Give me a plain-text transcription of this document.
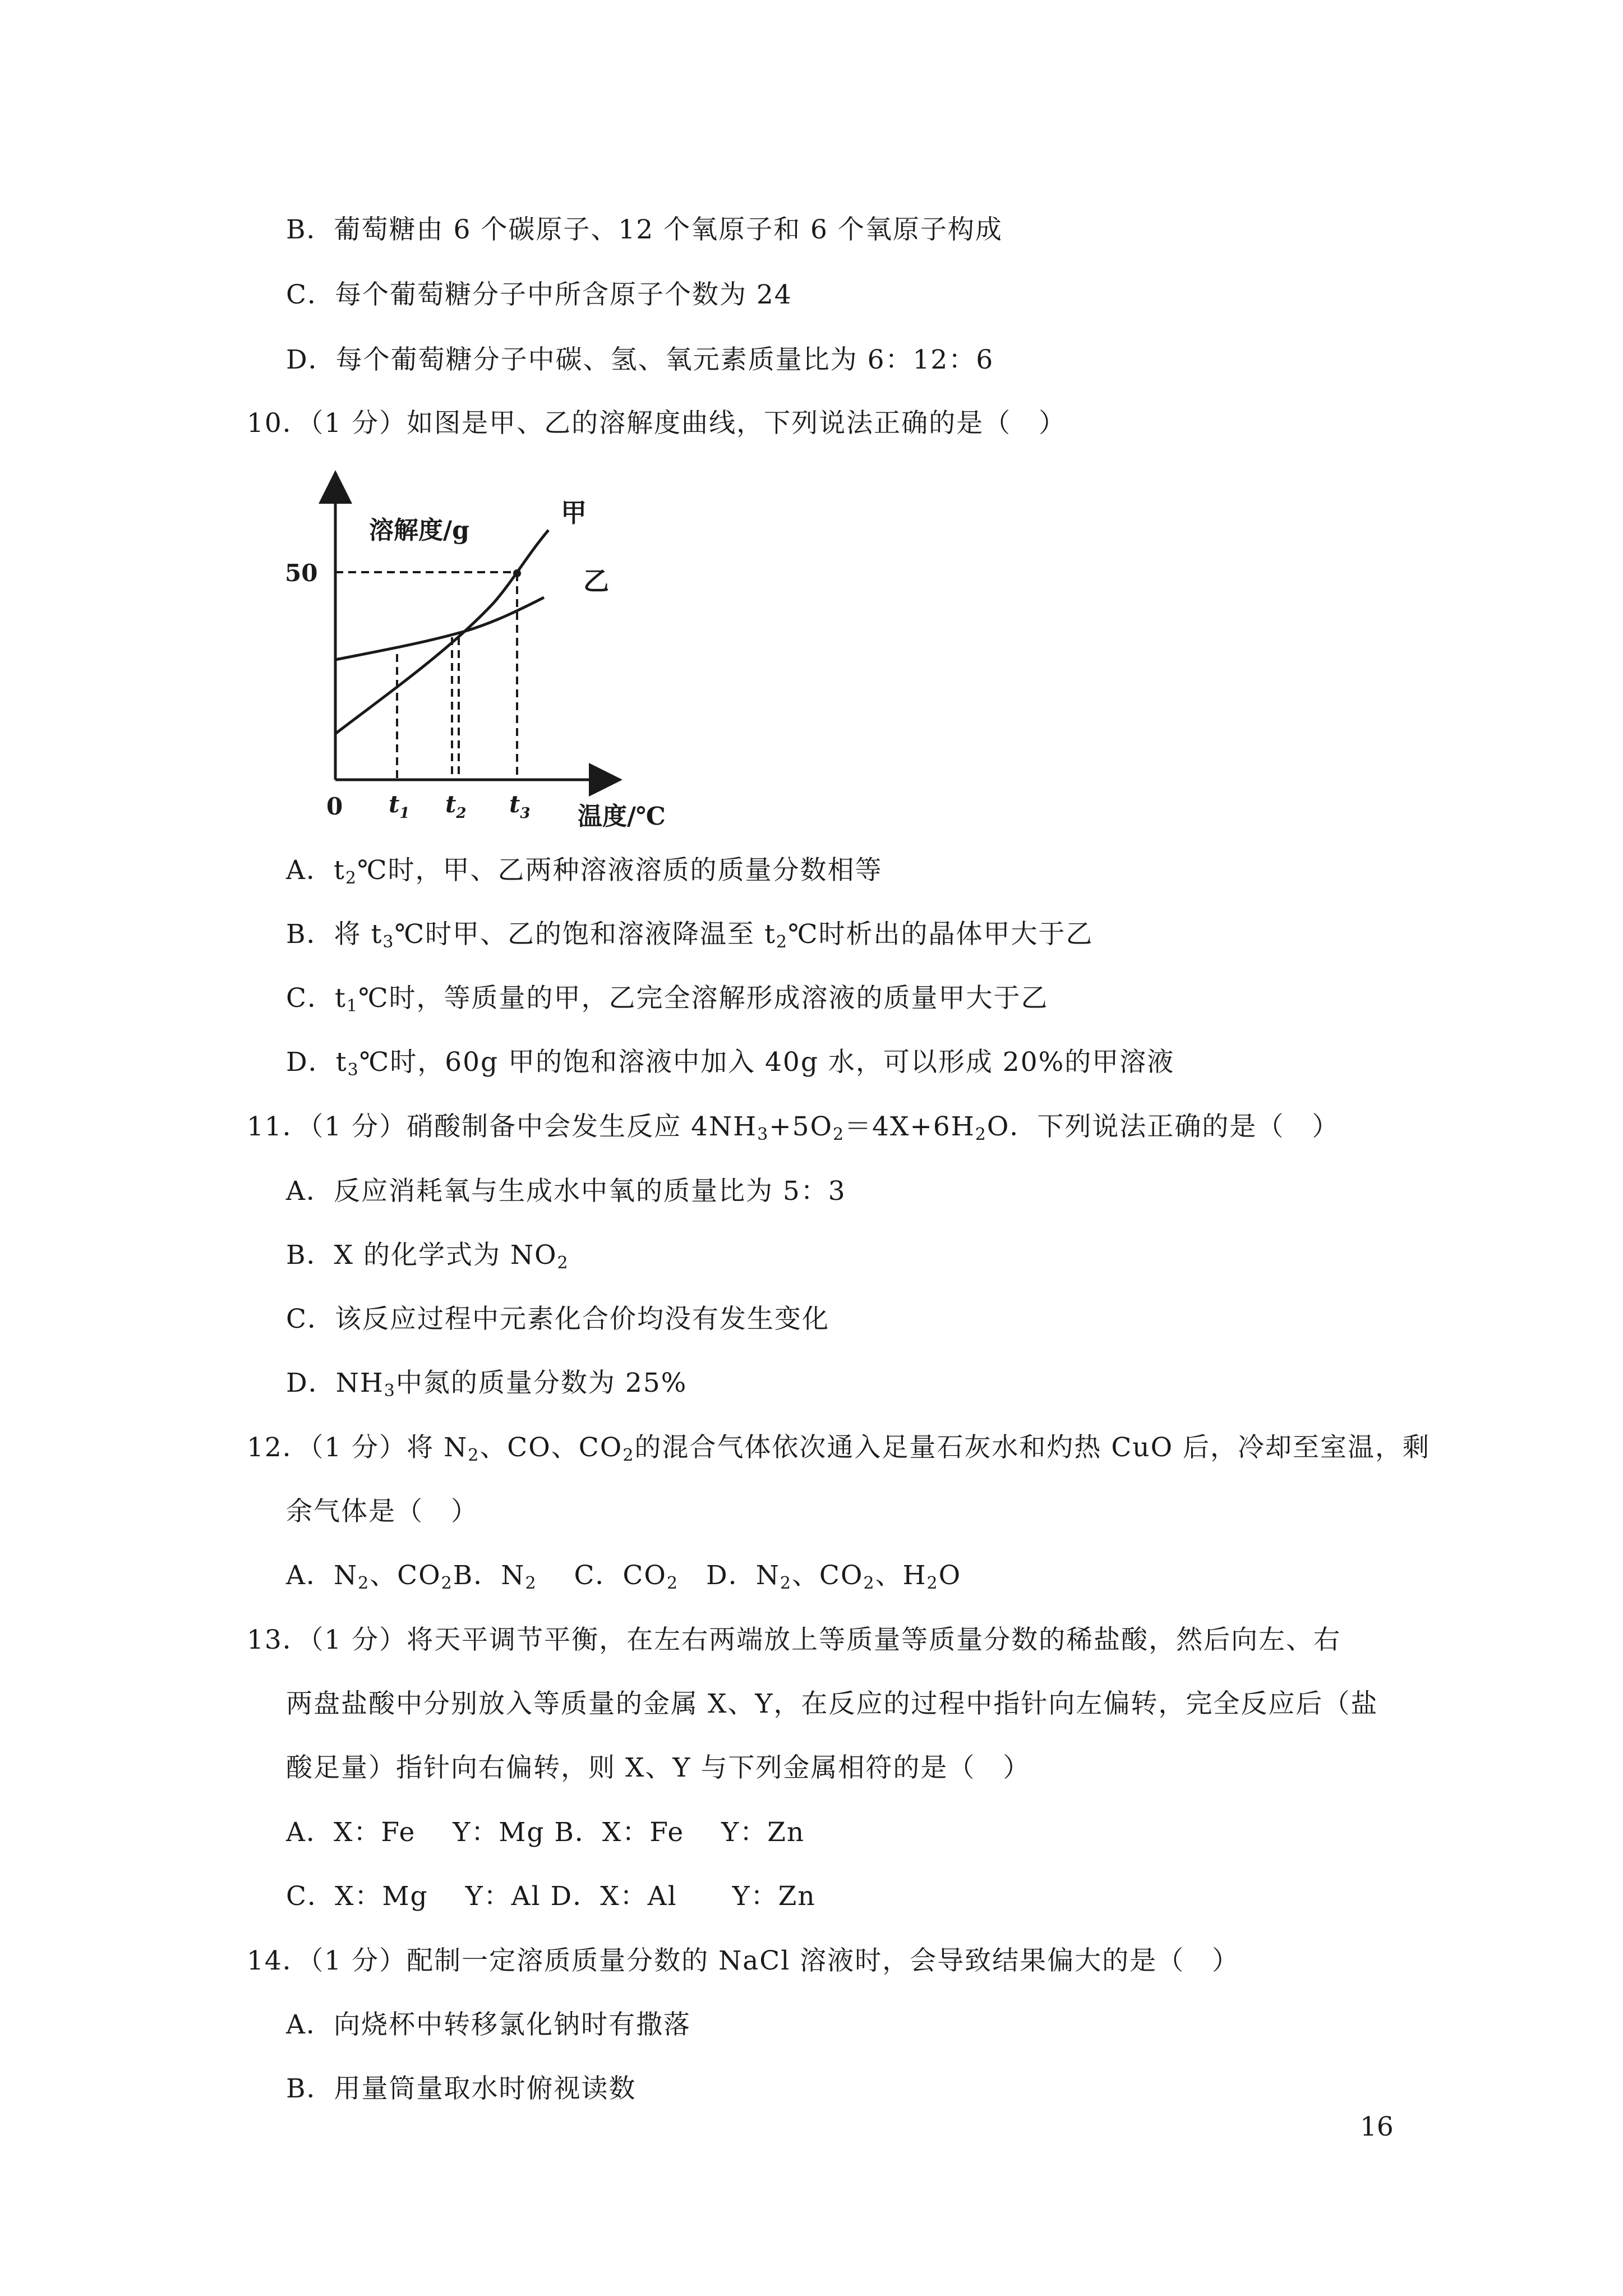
B．葡萄糖由 6 个碳原子、12 个氧原子和 6 个氧原子构成

C．每个葡萄糖分子中所含原子个数为 24

D．每个葡萄糖分子中碳、氢、氧元素质量比为 6：12：6

10．（1 分）如图是甲、乙的溶解度曲线，下列说法正确的是（　）

溶解度/g
50
0 $t_1$ $t_2$ $t_3$ 温度/℃
甲
乙

A．$t_2℃$时，甲、乙两种溶液溶质的质量分数相等

B．将 $t_3℃$时甲、乙的饱和溶液降温至 $t_2℃$时析出的晶体甲大于乙

C．$t_1℃$时，等质量的甲，乙完全溶解形成溶液的质量甲大于乙

D．$t_3℃$时，60g 甲的饱和溶液中加入 40g 水，可以形成 20%的甲溶液

11．（1 分）硝酸制备中会发生反应 $4NH_3+5O_2=4X+6H_2O$．下列说法正确的是（　）

A．反应消耗氧与生成水中氧的质量比为 5：3

B．X 的化学式为 $NO_2$

C．该反应过程中元素化合价均没有发生变化

D．$NH_3$中氮的质量分数为 25%

12．（1 分）将 $N_2$、CO、$CO_2$的混合气体依次通入足量石灰水和灼热 CuO 后，冷却至室温，剩

余气体是（　）

A．$N_2$、$CO_2B$．$N_2$　 C．$CO_2$　D．$N_2$、$CO_2$、$H_2O$

13．（1 分）将天平调节平衡，在左右两端放上等质量等质量分数的稀盐酸，然后向左、右

两盘盐酸中分别放入等质量的金属 X、Y，在反应的过程中指针向左偏转，完全反应后（盐

酸足量）指针向右偏转，则 X、Y 与下列金属相符的是（　）

A．X：Fe　 Y：Mg B．X：Fe　 Y：Zn

C．X：Mg　 Y：Al D．X：Al　　Y：Zn

14．（1 分）配制一定溶质质量分数的 NaCl 溶液时，会导致结果偏大的是（　）

A．向烧杯中转移氯化钠时有撒落

B．用量筒量取水时俯视读数

16
